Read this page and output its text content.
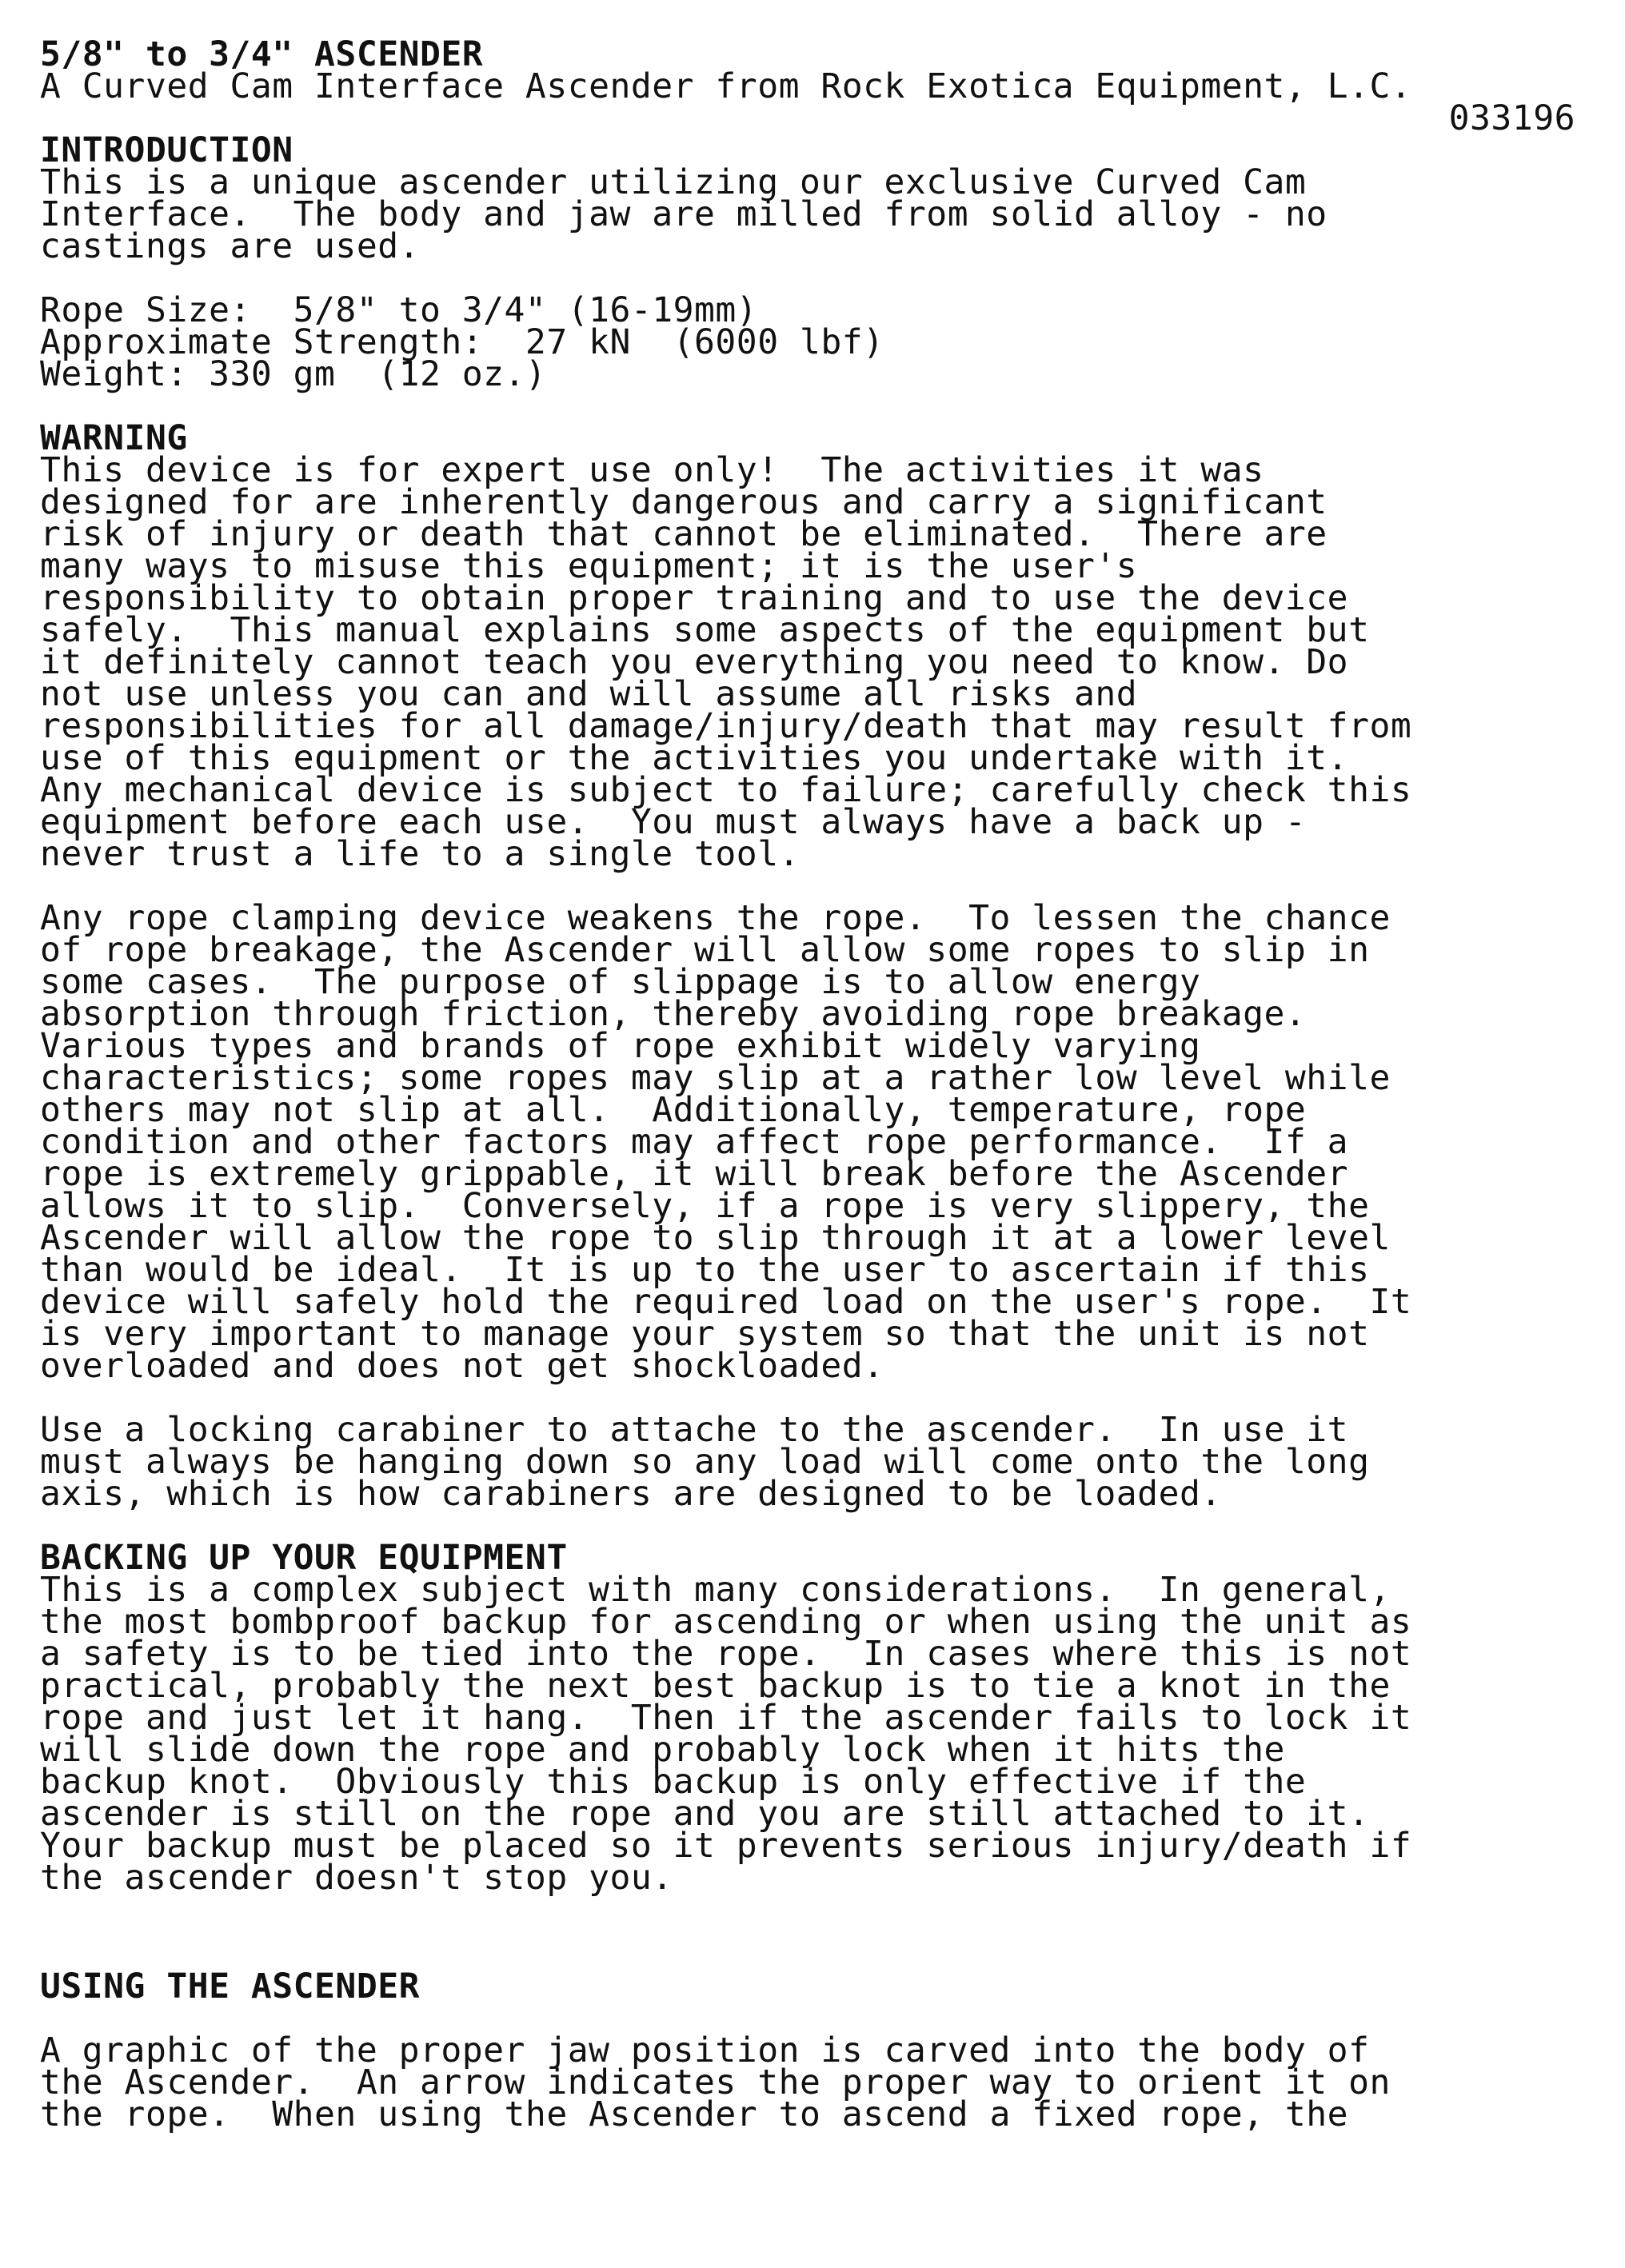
5/8" to 3/4" ASCENDER
A Curved Cam Interface Ascender from Rock Exotica Equipment, L.C.
033196
INTRODUCTION
This is a unique ascender utilizing our exclusive Curved Cam
Interface.  The body and jaw are milled from solid alloy - no
castings are used.
Rope Size:  5/8" to 3/4" (16-19mm)
Approximate Strength:  27 kN  (6000 lbf)
Weight: 330 gm  (12 oz.)
WARNING
This device is for expert use only!  The activities it was
designed for are inherently dangerous and carry a significant
risk of injury or death that cannot be eliminated.  There are
many ways to misuse this equipment; it is the user's
responsibility to obtain proper training and to use the device
safely.  This manual explains some aspects of the equipment but
it definitely cannot teach you everything you need to know. Do
not use unless you can and will assume all risks and
responsibilities for all damage/injury/death that may result from
use of this equipment or the activities you undertake with it.
Any mechanical device is subject to failure; carefully check this
equipment before each use.  You must always have a back up -
never trust a life to a single tool.
Any rope clamping device weakens the rope.  To lessen the chance
of rope breakage, the Ascender will allow some ropes to slip in
some cases.  The purpose of slippage is to allow energy
absorption through friction, thereby avoiding rope breakage.
Various types and brands of rope exhibit widely varying
characteristics; some ropes may slip at a rather low level while
others may not slip at all.  Additionally, temperature, rope
condition and other factors may affect rope performance.  If a
rope is extremely grippable, it will break before the Ascender
allows it to slip.  Conversely, if a rope is very slippery, the
Ascender will allow the rope to slip through it at a lower level
than would be ideal.  It is up to the user to ascertain if this
device will safely hold the required load on the user's rope.  It
is very important to manage your system so that the unit is not
overloaded and does not get shockloaded.
Use a locking carabiner to attache to the ascender.  In use it
must always be hanging down so any load will come onto the long
axis, which is how carabiners are designed to be loaded.
BACKING UP YOUR EQUIPMENT
This is a complex subject with many considerations.  In general,
the most bombproof backup for ascending or when using the unit as
a safety is to be tied into the rope.  In cases where this is not
practical, probably the next best backup is to tie a knot in the
rope and just let it hang.  Then if the ascender fails to lock it
will slide down the rope and probably lock when it hits the
backup knot.  Obviously this backup is only effective if the
ascender is still on the rope and you are still attached to it.
Your backup must be placed so it prevents serious injury/death if
the ascender doesn't stop you.
USING THE ASCENDER
A graphic of the proper jaw position is carved into the body of
the Ascender.  An arrow indicates the proper way to orient it on
the rope.  When using the Ascender to ascend a fixed rope, the
